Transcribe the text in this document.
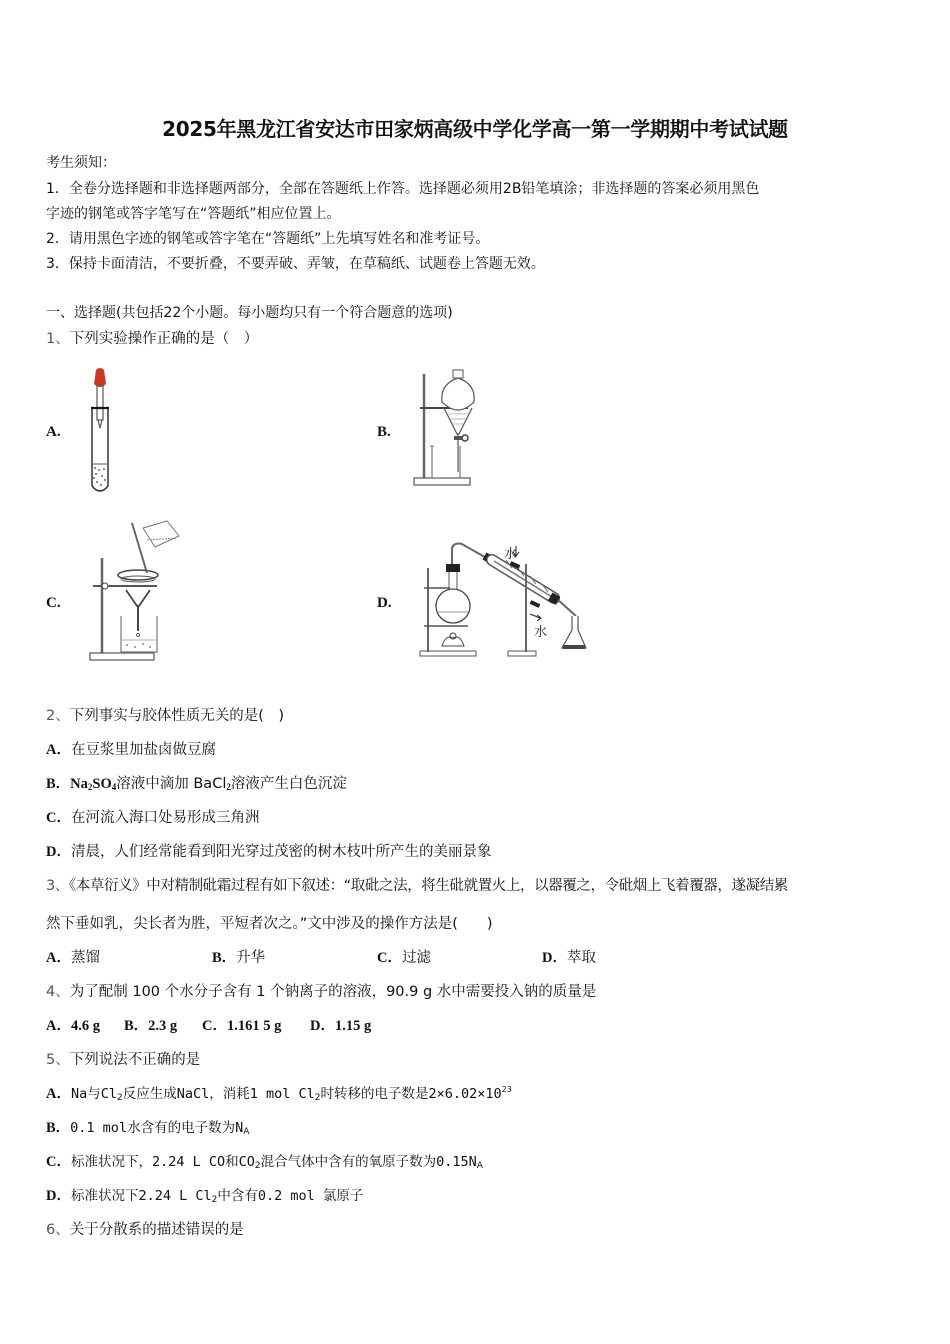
2025年黑龙江省安达市田家炳高级中学化学高一第一学期期中考试试题
考生须知：
1．全卷分选择题和非选择题两部分，全部在答题纸上作答。选择题必须用2B铅笔填涂；非选择题的答案必须用黑色
字迹的钢笔或答字笔写在“答题纸”相应位置上。
2．请用黑色字迹的钢笔或答字笔在“答题纸”上先填写姓名和准考证号。
3．保持卡面清洁，不要折叠，不要弄破、弄皱，在草稿纸、试题卷上答题无效。
一、选择题(共包括22个小题。每小题均只有一个符合题意的选项)
1、下列实验操作正确的是（　）
A.	B.
C.	D.
水
水
2、下列事实与胶体性质无关的是(　)
A．在豆浆里加盐卤做豆腐
B．$Na_2SO_4$溶液中滴加 BaCl$_2$溶液产生白色沉淀
C．在河流入海口处易形成三角洲
D．清晨，人们经常能看到阳光穿过茂密的树木枝叶所产生的美丽景象
3、《本草衍义》中对精制砒霜过程有如下叙述：“取砒之法，将生砒就置火上，以器覆之，令砒烟上飞着覆器，遂凝结累
然下垂如乳，尖长者为胜，平短者次之。”文中涉及的操作方法是(　　)
A．蒸馏	B．升华	C．过滤	D．萃取
4、为了配制 100 个水分子含有 1 个钠离子的溶液，90.9 g 水中需要投入钠的质量是
A．4.6 g B．2.3 g C．1.161 5 g D．1.15 g
5、下列说法不正确的是
A．Na与$Cl_2$反应生成NaCl，消耗1 mol $Cl_2$时转移的电子数是$2\times 6.02\times 10^{23}$
B．0.1 mol水含有的电子数为$N_A$
C．标准状况下，2.24 L CO和$CO_2$混合气体中含有的氧原子数为$0.15N_A$
D．标准状况下2.24 L $Cl_2$中含有0.2 mol 氯原子
6、关于分散系的描述错误的是
